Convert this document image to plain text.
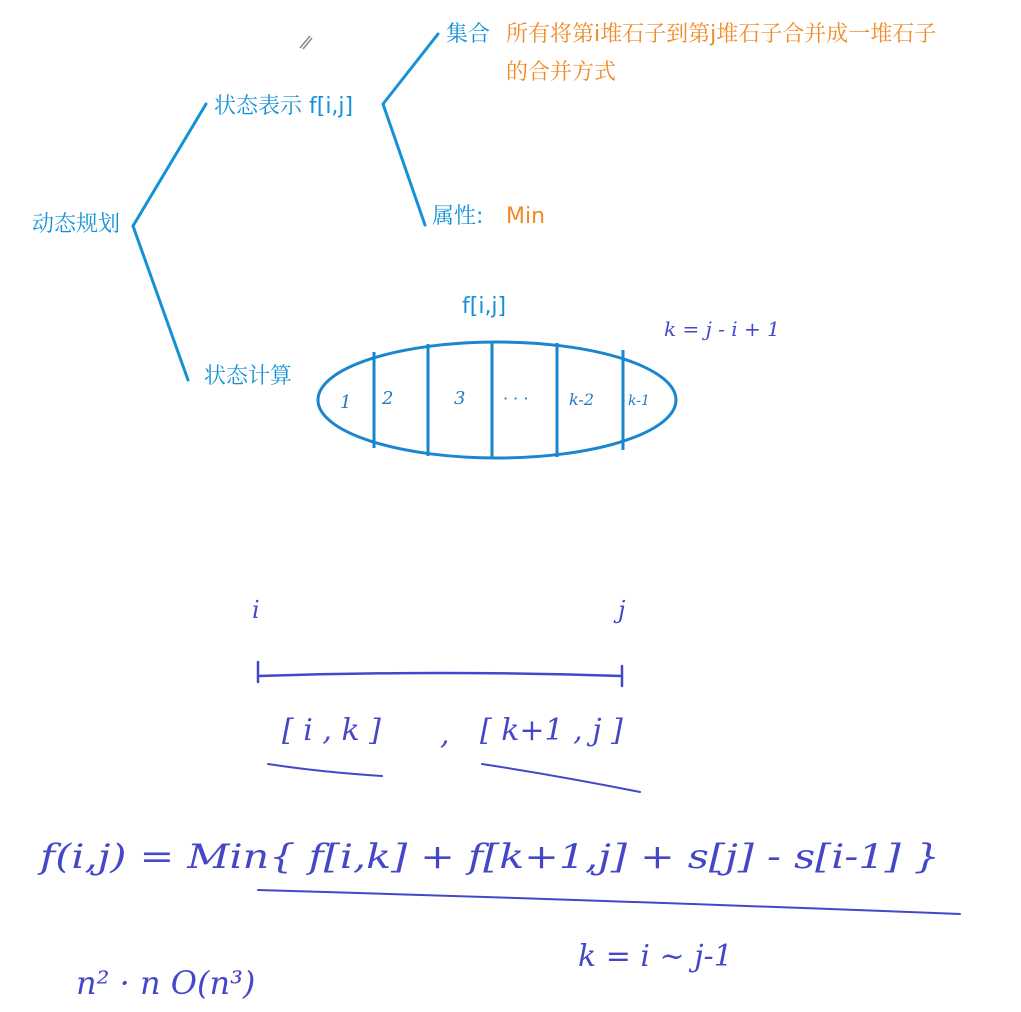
1 2	3 · · ·	k-2 k-1
k = j - i + 1
i	j
[ i , k ] , [ k+1 , j ]
f(i,j) = Min{ f[i,k] + f[k+1,j] + s[j] - s[i-1] }
k = i ~ j-1
n² · n O(n³)
动态规划
状态表示 f[i,j]
集合 所有将第i堆石子到第j堆石子合并成一堆石子
的合并方式
属性: Min
状态计算
f[i,j]
